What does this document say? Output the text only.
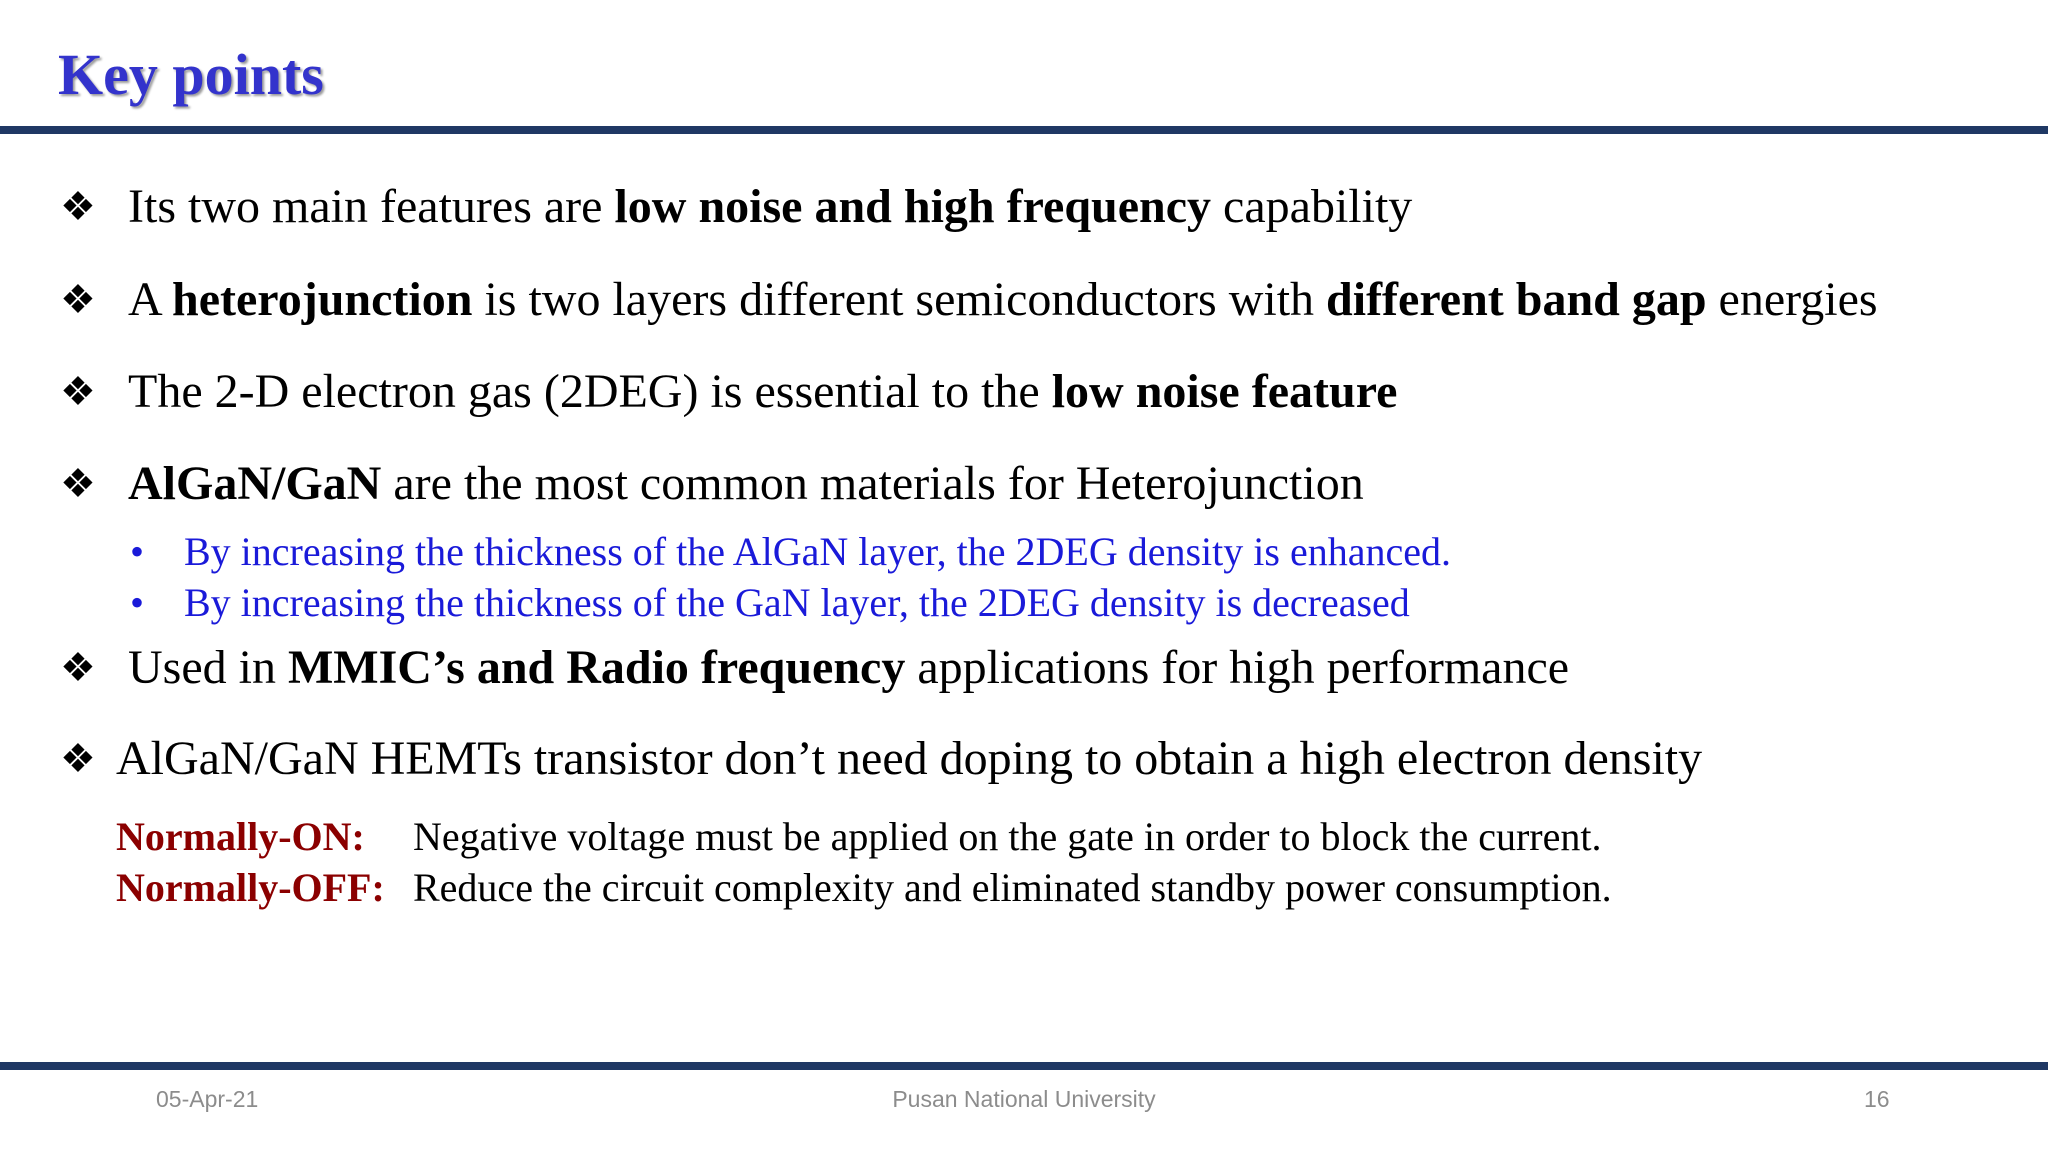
Key points
❖ Its two main features are low noise and high frequency capability
❖ A heterojunction is two layers different semiconductors with different band gap energies
❖ The 2-D electron gas (2DEG) is essential to the low noise feature
❖ AlGaN/GaN are the most common materials for Heterojunction
• By increasing the thickness of the AlGaN layer, the 2DEG density is enhanced.
• By increasing the thickness of the GaN layer, the 2DEG density is decreased
❖ Used in MMIC’s and Radio frequency applications for high performance
❖ AlGaN/GaN HEMTs transistor don’t need doping to obtain a high electron density
Normally-ON: Negative voltage must be applied on the gate in order to block the current.
Normally-OFF: Reduce the circuit complexity and eliminated standby power consumption.
05-Apr-21	Pusan National University	16
